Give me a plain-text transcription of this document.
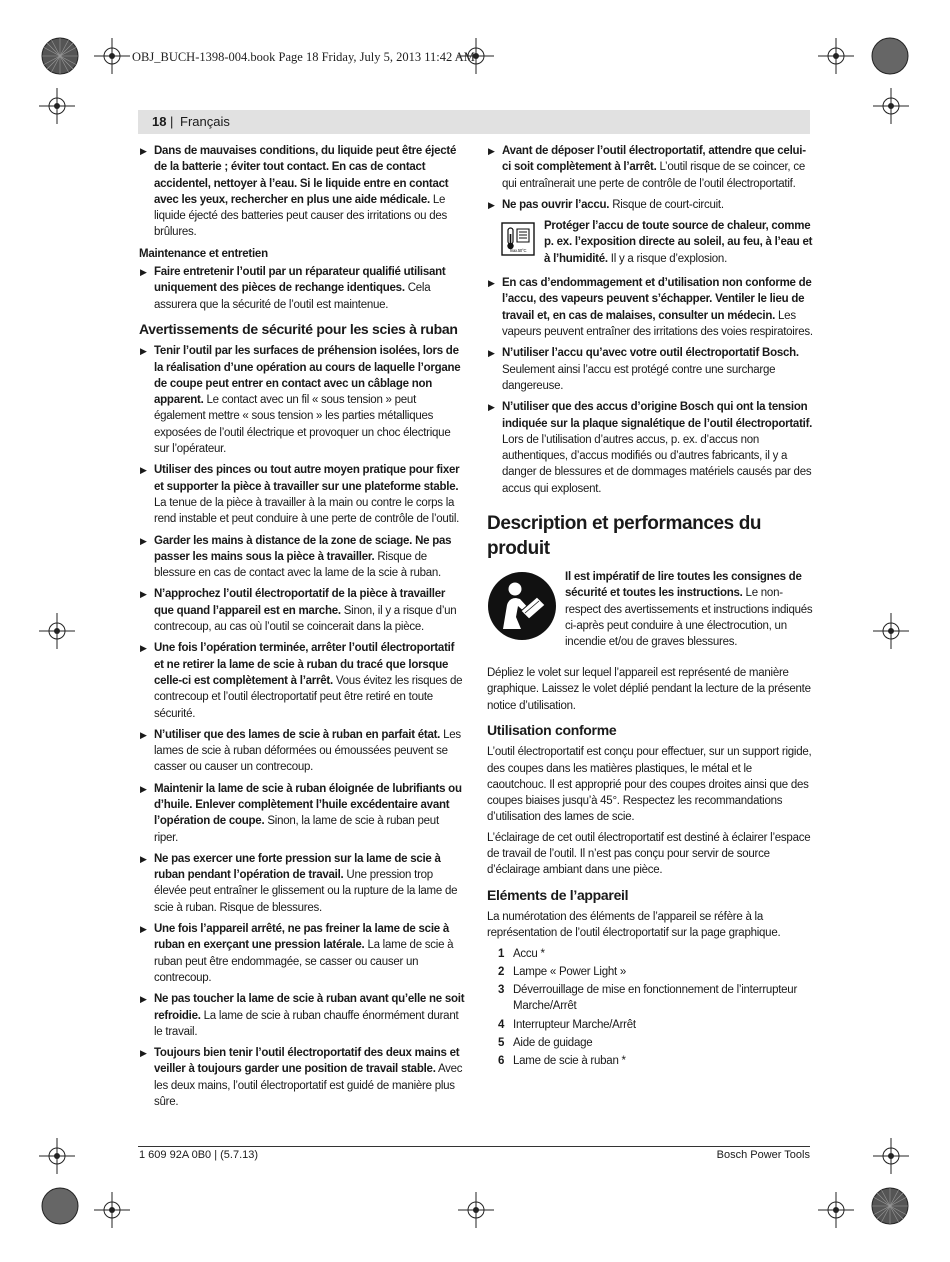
OBJ_BUCH-1398-004.book Page 18 Friday, July 5, 2013 11:42 AM
18 | Français
▶ Dans de mauvaises conditions, du liquide peut être éjecté de la batterie ; éviter tout contact. En cas de contact accidentel, nettoyer à l’eau. Si le liquide entre en contact avec les yeux, rechercher en plus une aide médicale. Le liquide éjecté des batteries peut causer des irritations ou des brûlures.
Maintenance et entretien
▶ Faire entretenir l’outil par un réparateur qualifié utilisant uniquement des pièces de rechange identiques. Cela assurera que la sécurité de l’outil est maintenue.
Avertissements de sécurité pour les scies à ruban
▶ Tenir l’outil par les surfaces de préhension isolées, lors de la réalisation d’une opération au cours de laquelle l’organe de coupe peut entrer en contact avec un câblage non apparent. Le contact avec un fil « sous tension » peut également mettre « sous tension » les parties métalliques exposées de l’outil électrique et provoquer un choc électrique sur l’opérateur.
▶ Utiliser des pinces ou tout autre moyen pratique pour fixer et supporter la pièce à travailler sur une plateforme stable. La tenue de la pièce à travailler à la main ou contre le corps la rend instable et peut conduire à une perte de contrôle de l’outil.
▶ Garder les mains à distance de la zone de sciage. Ne pas passer les mains sous la pièce à travailler. Risque de blessure en cas de contact avec la lame de la scie à ruban.
▶ N’approchez l’outil électroportatif de la pièce à travailler que quand l’appareil est en marche. Sinon, il y a risque d’un contrecoup, au cas où l’outil se coincerait dans la pièce.
▶ Une fois l’opération terminée, arrêter l’outil électroportatif et ne retirer la lame de scie à ruban du tracé que lorsque celle-ci est complètement à l’arrêt. Vous évitez les risques de contrecoup et l’outil électroportatif peut être retiré en toute sécurité.
▶ N’utiliser que des lames de scie à ruban en parfait état. Les lames de scie à ruban déformées ou émoussées peuvent se casser ou causer un contrecoup.
▶ Maintenir la lame de scie à ruban éloignée de lubrifiants ou d’huile. Enlever complètement l’huile excédentaire avant l’opération de coupe. Sinon, la lame de scie à ruban peut riper.
▶ Ne pas exercer une forte pression sur la lame de scie à ruban pendant l’opération de travail. Une pression trop élevée peut entraîner le glissement ou la rupture de la lame de scie à ruban. Risque de blessures.
▶ Une fois l’appareil arrêté, ne pas freiner la lame de scie à ruban en exerçant une pression latérale. La lame de scie à ruban peut être endommagée, se casser ou causer un contrecoup.
▶ Ne pas toucher la lame de scie à ruban avant qu’elle ne soit refroidie. La lame de scie à ruban chauffe énormément durant le travail.
▶ Toujours bien tenir l’outil électroportatif des deux mains et veiller à toujours garder une position de travail stable. Avec les deux mains, l’outil électroportatif est guidé de manière plus sûre.
▶ Avant de déposer l’outil électroportatif, attendre que celui-ci soit complètement à l’arrêt. L’outil risque de se coincer, ce qui entraînerait une perte de contrôle de l’outil électroportatif.
▶ Ne pas ouvrir l’accu. Risque de court-circuit.
max.50°C
Protéger l’accu de toute source de chaleur, comme p. ex. l’exposition directe au soleil, au feu, à l’eau et à l’humidité. Il y a risque d’explosion.
▶ En cas d’endommagement et d’utilisation non conforme de l’accu, des vapeurs peuvent s’échapper. Ventiler le lieu de travail et, en cas de malaises, consulter un médecin. Les vapeurs peuvent entraîner des irritations des voies respiratoires.
▶ N’utiliser l’accu qu’avec votre outil électroportatif Bosch. Seulement ainsi l’accu est protégé contre une surcharge dangereuse.
▶ N’utiliser que des accus d’origine Bosch qui ont la tension indiquée sur la plaque signalétique de l’outil électroportatif. Lors de l’utilisation d’autres accus, p. ex. d’accus non authentiques, d’accus modifiés ou d’autres fabricants, il y a danger de blessures et de dommages matériels causés par des accus qui explosent.
Description et performances du produit
Il est impératif de lire toutes les consignes de sécurité et toutes les instructions. Le non-respect des avertissements et instructions indiqués ci-après peut conduire à une électrocution, un incendie et/ou de graves blessures.
Dépliez le volet sur lequel l’appareil est représenté de manière graphique. Laissez le volet déplié pendant la lecture de la présente notice d’utilisation.
Utilisation conforme
L’outil électroportatif est conçu pour effectuer, sur un support rigide, des coupes dans les matières plastiques, le métal et le caoutchouc. Il est approprié pour des coupes droites ainsi que des coupes biaises jusqu’à 45°. Respectez les recommandations d’utilisation des lames de scie.
L’éclairage de cet outil électroportatif est destiné à éclairer l’espace de travail de l’outil. Il n’est pas conçu pour servir de source d’éclairage ambiant dans une pièce.
Eléments de l’appareil
La numérotation des éléments de l’appareil se réfère à la représentation de l’outil électroportatif sur la page graphique.
1 Accu *
2 Lampe « Power Light »
3 Déverrouillage de mise en fonctionnement de l’interrupteur Marche/Arrêt
4 Interrupteur Marche/Arrêt
5 Aide de guidage
6 Lame de scie à ruban *
1 609 92A 0B0 | (5.7.13)	Bosch Power Tools
